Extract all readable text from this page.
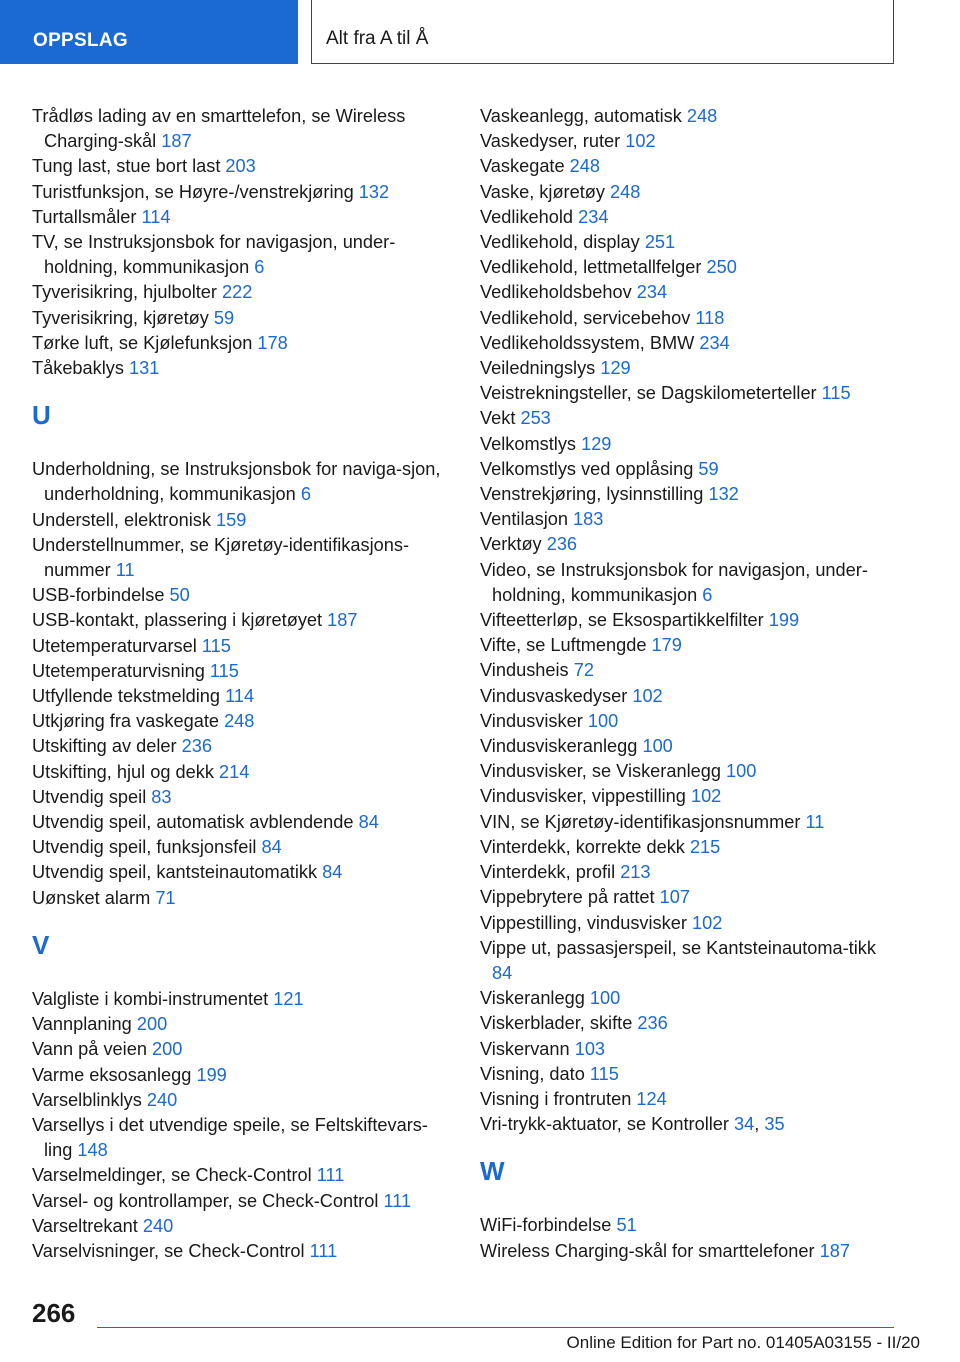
OPPSLAG	Alt fra A til Å
Trådløs lading av en smarttelefon, se Wireless Charging-skål 187
Tung last, stue bort last 203
Turistfunksjon, se Høyre-/venstrekjøring 132
Turtallsmåler 114
TV, se Instruksjonsbok for navigasjon, under-holdning, kommunikasjon 6
Tyverisikring, hjulbolter 222
Tyverisikring, kjøretøy 59
Tørke luft, se Kjølefunksjon 178
Tåkebaklys 131
U
Underholdning, se Instruksjonsbok for naviga-sjon, underholdning, kommunikasjon 6
Understell, elektronisk 159
Understellnummer, se Kjøretøy-identifikasjons-nummer 11
USB-forbindelse 50
USB-kontakt, plassering i kjøretøyet 187
Utetemperaturvarsel 115
Utetemperaturvisning 115
Utfyllende tekstmelding 114
Utkjøring fra vaskegate 248
Utskifting av deler 236
Utskifting, hjul og dekk 214
Utvendig speil 83
Utvendig speil, automatisk avblendende 84
Utvendig speil, funksjonsfeil 84
Utvendig speil, kantsteinautomatikk 84
Uønsket alarm 71
V
Valgliste i kombi-instrumentet 121
Vannplaning 200
Vann på veien 200
Varme eksosanlegg 199
Varselblinklys 240
Varsellys i det utvendige speile, se Feltskiftevars-ling 148
Varselmeldinger, se Check-Control 111
Varsel- og kontrollamper, se Check-Control 111
Varseltrekant 240
Varselvisninger, se Check-Control 111
Vaskeanlegg, automatisk 248
Vaskedyser, ruter 102
Vaskegate 248
Vaske, kjøretøy 248
Vedlikehold 234
Vedlikehold, display 251
Vedlikehold, lettmetallfelger 250
Vedlikeholdsbehov 234
Vedlikehold, servicebehov 118
Vedlikeholdssystem, BMW 234
Veiledningslys 129
Veistrekningsteller, se Dagskilometerteller 115
Vekt 253
Velkomstlys 129
Velkomstlys ved opplåsing 59
Venstrekjøring, lysinnstilling 132
Ventilasjon 183
Verktøy 236
Video, se Instruksjonsbok for navigasjon, under-holdning, kommunikasjon 6
Vifteetterløp, se Eksospartikkelfilter 199
Vifte, se Luftmengde 179
Vindusheis 72
Vindusvaskedyser 102
Vindusvisker 100
Vindusviskeranlegg 100
Vindusvisker, se Viskeranlegg 100
Vindusvisker, vippestilling 102
VIN, se Kjøretøy-identifikasjonsnummer 11
Vinterdekk, korrekte dekk 215
Vinterdekk, profil 213
Vippebrytere på rattet 107
Vippestilling, vindusvisker 102
Vippe ut, passasjerspeil, se Kantsteinautoma-tikk 84
Viskeranlegg 100
Viskerblader, skifte 236
Viskervann 103
Visning, dato 115
Visning i frontruten 124
Vri-trykk-aktuator, se Kontroller 34, 35
W
WiFi-forbindelse 51
Wireless Charging-skål for smarttelefoner 187
266
Online Edition for Part no. 01405A03155 - II/20
